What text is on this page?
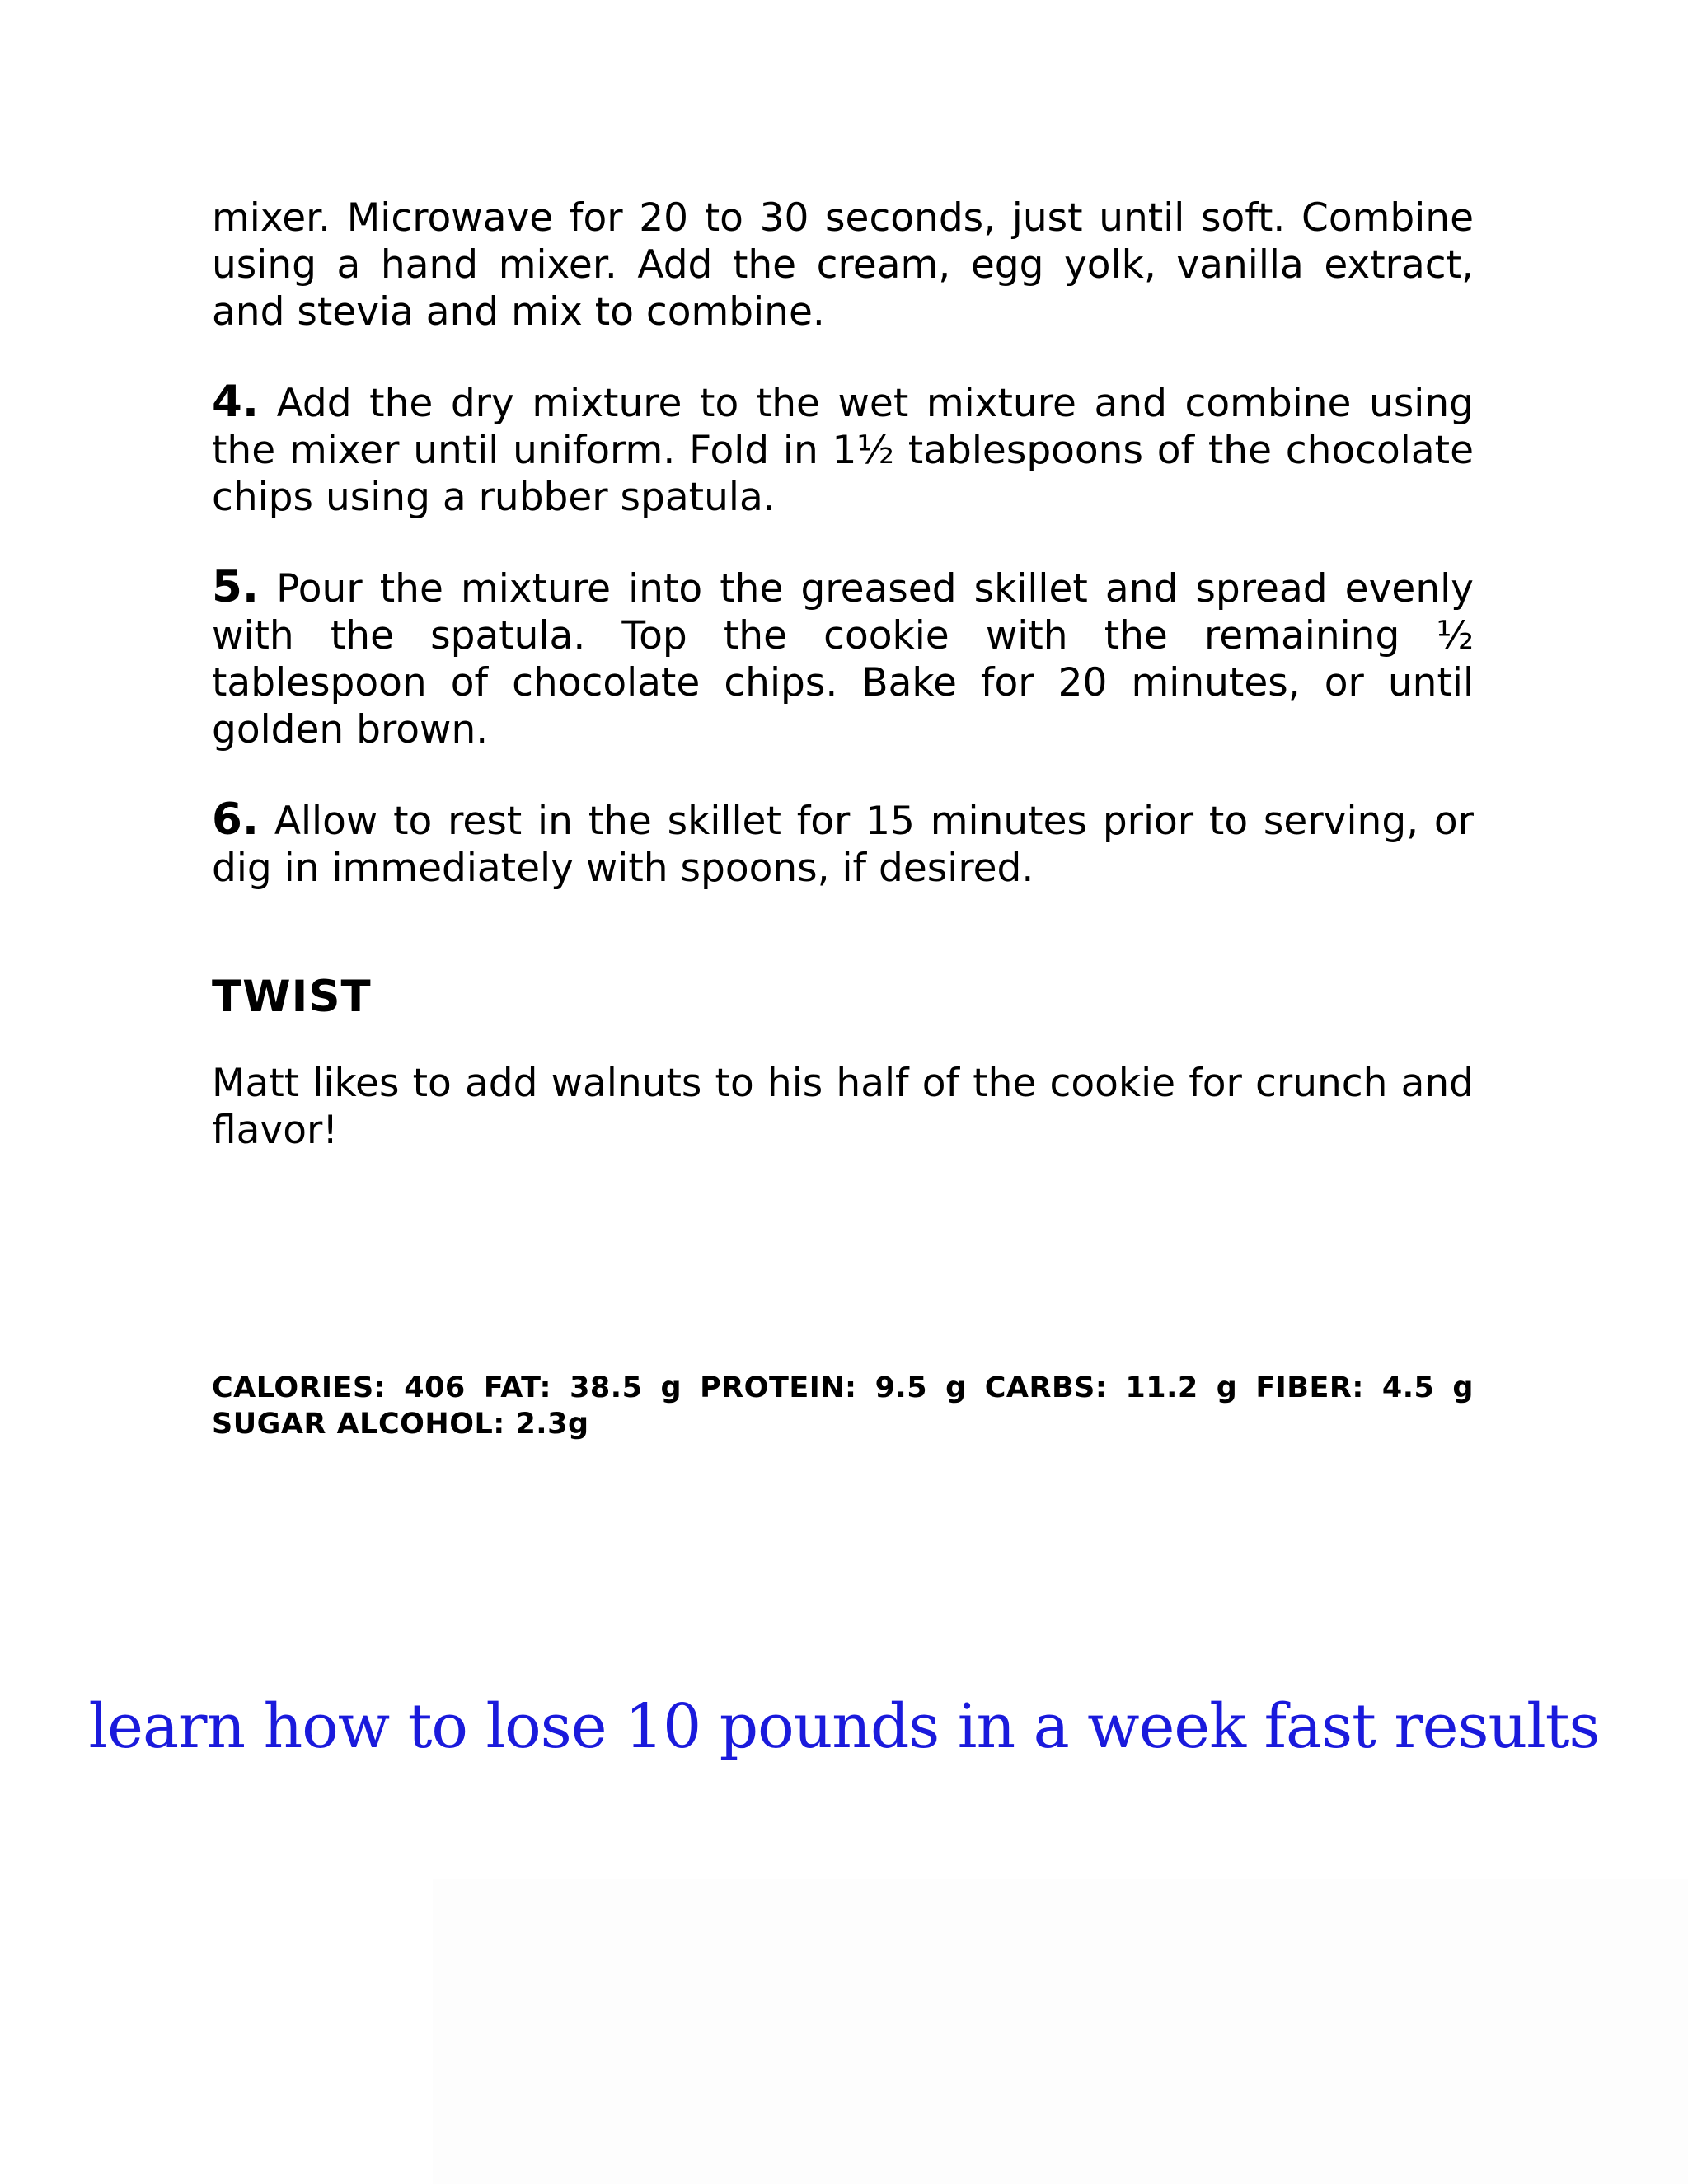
mixer. Microwave for 20 to 30 seconds, just until soft. Combine using a hand mixer. Add the cream, egg yolk, vanilla extract, and stevia and mix to combine.

4. Add the dry mixture to the wet mixture and combine using the mixer until uniform. Fold in 1½ tablespoons of the chocolate chips using a rubber spatula.

5. Pour the mixture into the greased skillet and spread evenly with the spatula. Top the cookie with the remaining ½ tablespoon of chocolate chips. Bake for 20 minutes, or until golden brown.

6. Allow to rest in the skillet for 15 minutes prior to serving, or dig in immediately with spoons, if desired.

TWIST

Matt likes to add walnuts to his half of the cookie for crunch and flavor!

CALORIES: 406 FAT: 38.5 g PROTEIN: 9.5 g CARBS: 11.2 g FIBER: 4.5 g SUGAR ALCOHOL: 2.3g

learn how to lose 10 pounds in a week fast results
